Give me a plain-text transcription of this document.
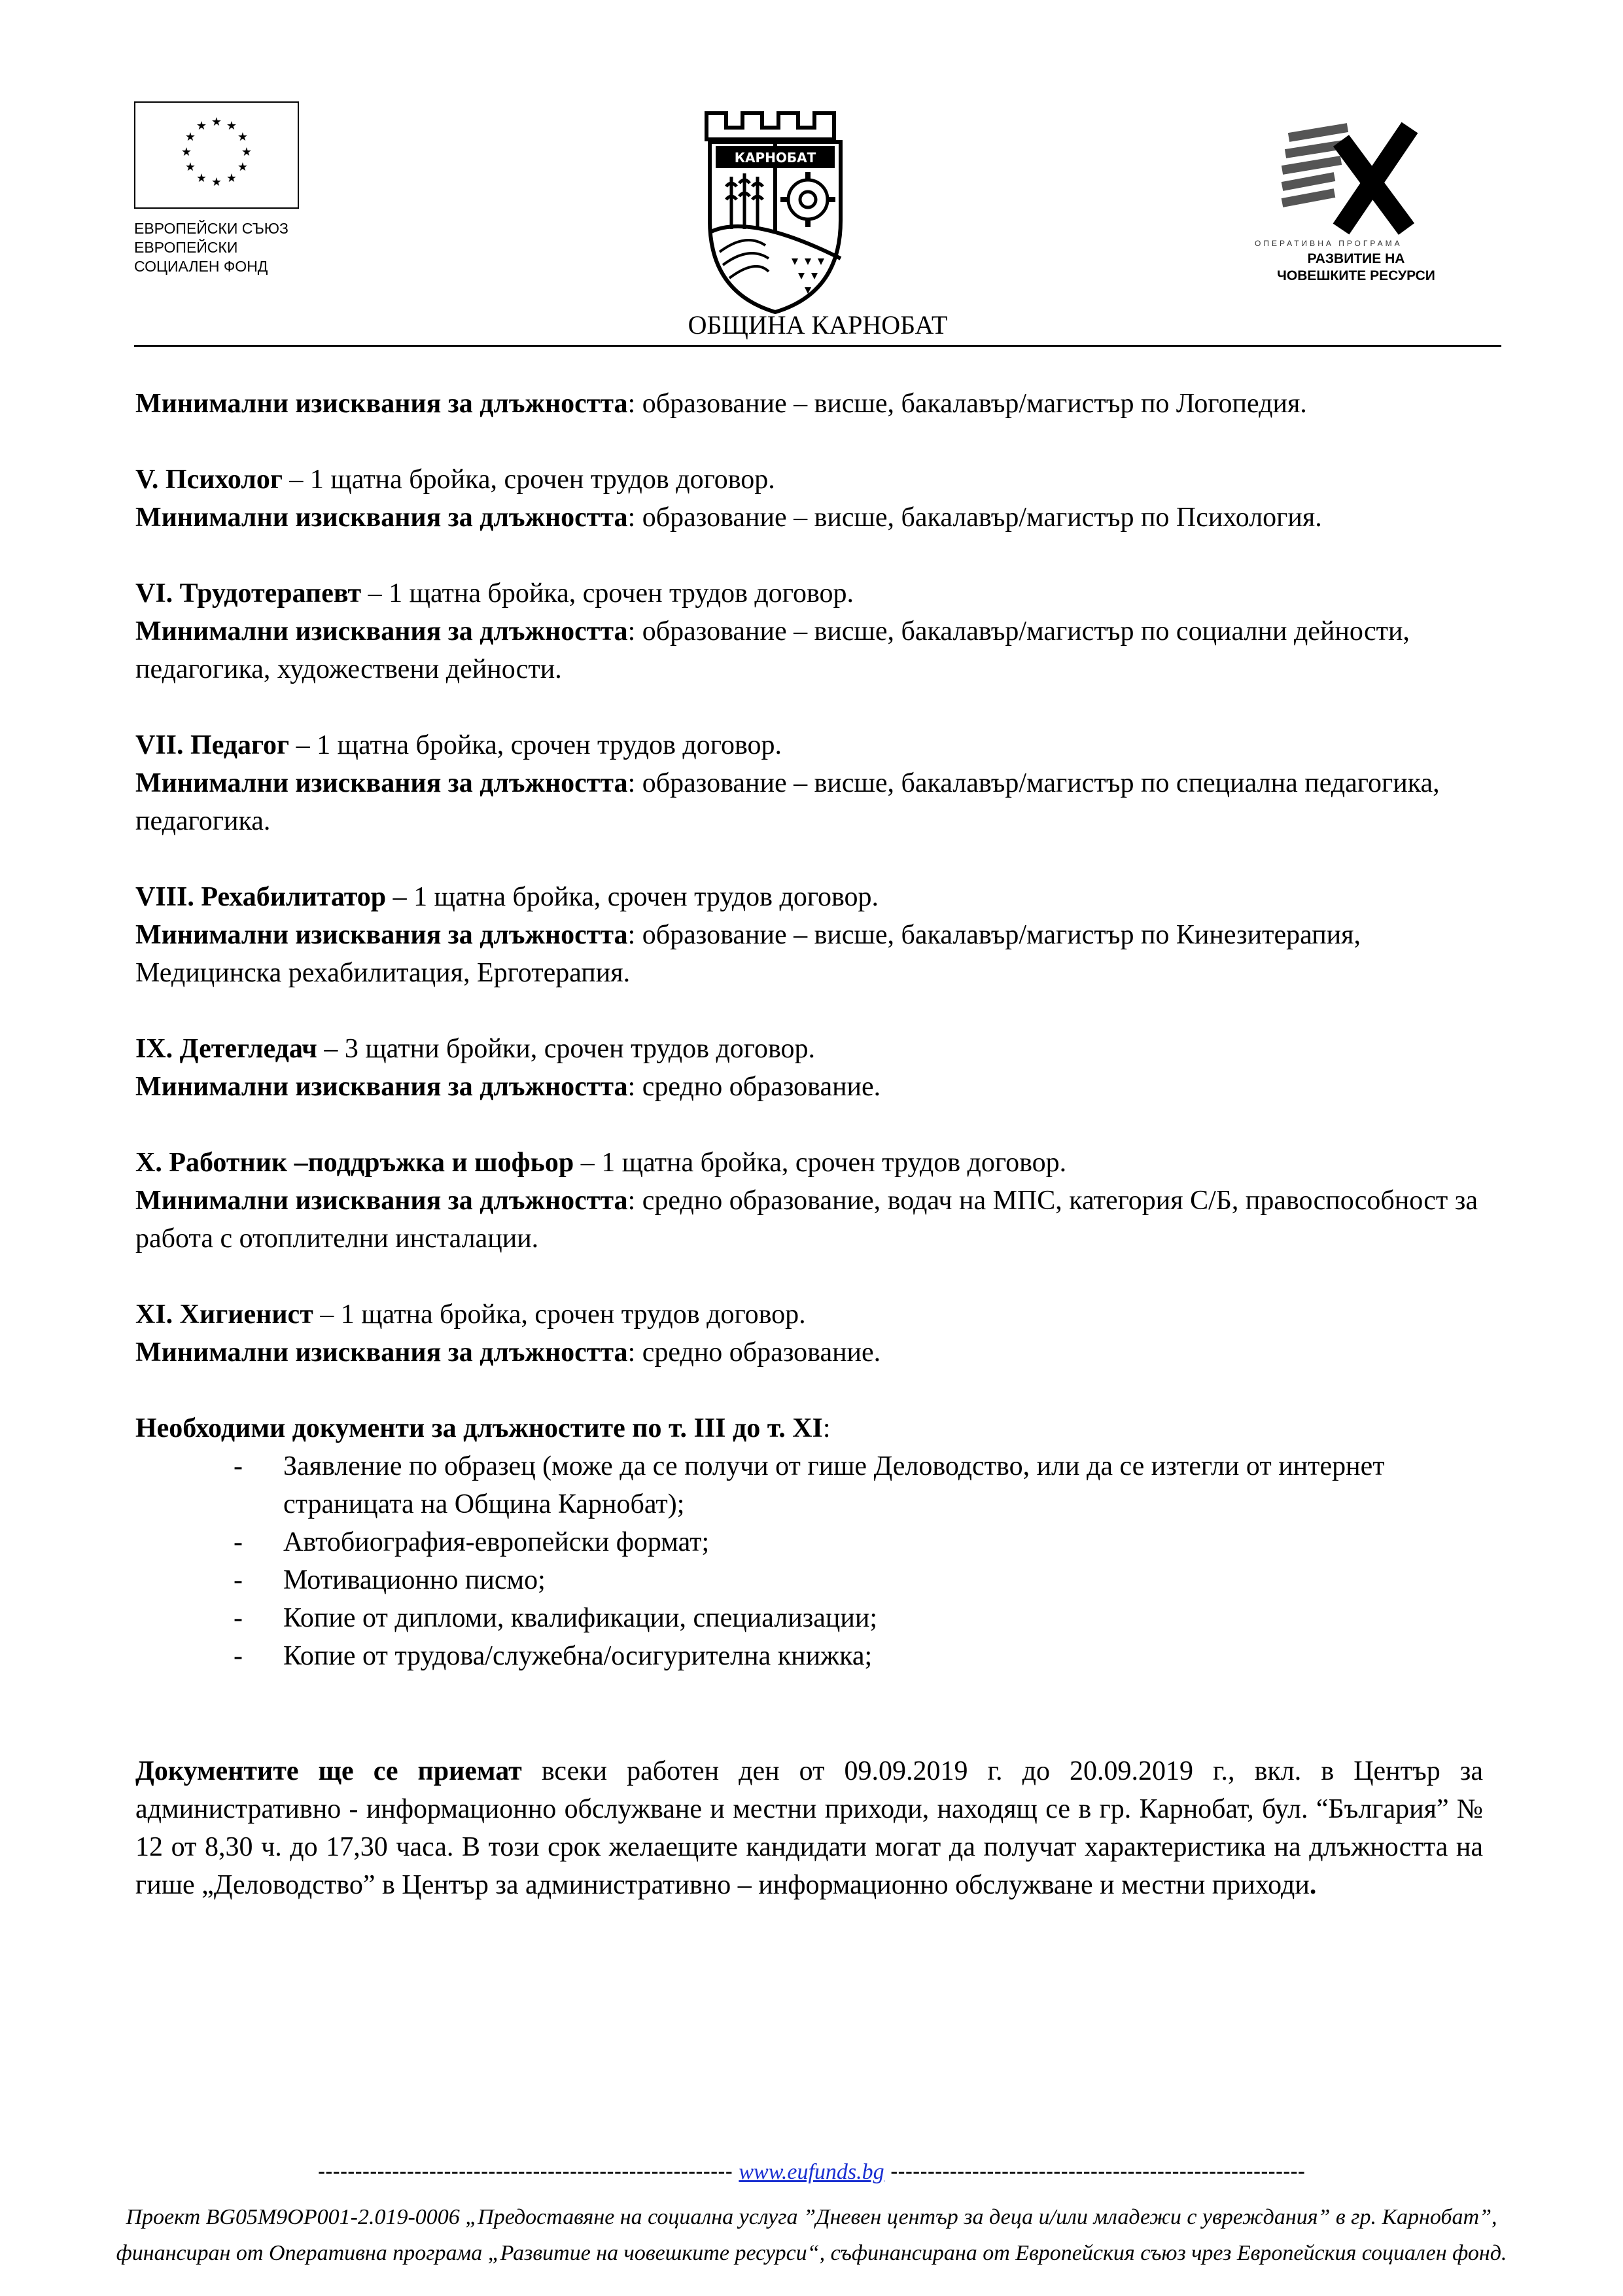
★ ★
★
★
★
★
★
★
★
★
★
★
ЕВРОПЕЙСКИ СЪЮЗ
ЕВРОПЕЙСКИ
СОЦИАЛЕН ФОНД
КАРНОБАТ
ОПЕРАТИВНА ПРОГРАМА
РАЗВИТИЕ НА
ЧОВЕШКИТЕ РЕСУРСИ
ОБЩИНА КАРНОБАТ

Минимални изисквания за длъжността: образование – висше, бакалавър/магистър по Логопедия.

V. Психолог – 1 щатна бройка, срочен трудов договор.
Минимални изисквания за длъжността: образование – висше, бакалавър/магистър по Психология.

VI. Трудотерапевт – 1 щатна бройка, срочен трудов договор.
Минимални изисквания за длъжността: образование – висше, бакалавър/магистър по социални дейности, педагогика, художествени дейности.

VII. Педагог – 1 щатна бройка, срочен трудов договор.
Минимални изисквания за длъжността: образование – висше, бакалавър/магистър по специална педагогика, педагогика.

VIII. Рехабилитатор – 1 щатна бройка, срочен трудов договор.
Минимални изисквания за длъжността: образование – висше, бакалавър/магистър по Кинезитерапия, Медицинска рехабилитация, Ерготерапия.

IX. Детегледач – 3 щатни бройки, срочен трудов договор.
Минимални изисквания за длъжността: средно образование.

X. Работник –поддръжка и шофьор – 1 щатна бройка, срочен трудов договор.
Минимални изисквания за длъжността: средно образование, водач на МПС, категория С/Б, правоспособност за работа с отоплителни инсталации.

XI. Хигиенист – 1 щатна бройка, срочен трудов договор.
Минимални изисквания за длъжността: средно образование.

Необходими документи за длъжностите по т. III до т. XI:

- Заявление по образец (може да се получи от гише Деловодство, или да се изтегли от интернет страницата на Община Карнобат);
- Автобиография-европейски формат;
- Мотивационно писмо;
- Копие от дипломи, квалификации, специализации;
- Копие от трудова/служебна/осигурителна книжка;

Документите ще се приемат всеки работен ден от 09.09.2019 г. до 20.09.2019 г., вкл. в Център за административно - информационно обслужване и местни приходи, находящ се в гр. Карнобат, бул. “България” № 12 от 8,30 ч. до 17,30 часа. В този срок желаещите кандидати могат да получат характеристика на длъжността на гише „Деловодство” в Център за административно – информационно обслужване и местни приходи.

-------------------------------------------------------- www.eufunds.bg --------------------------------------------------------
Проект BG05M9OP001-2.019-0006 „Предоставяне на социална услуга ”Дневен център за деца и/или младежи с увреждания” в гр. Карнобат”, финансиран от Оперативна програма „Развитие на човешките ресурси“, съфинансирана от Европейския съюз чрез Европейския социален фонд.
